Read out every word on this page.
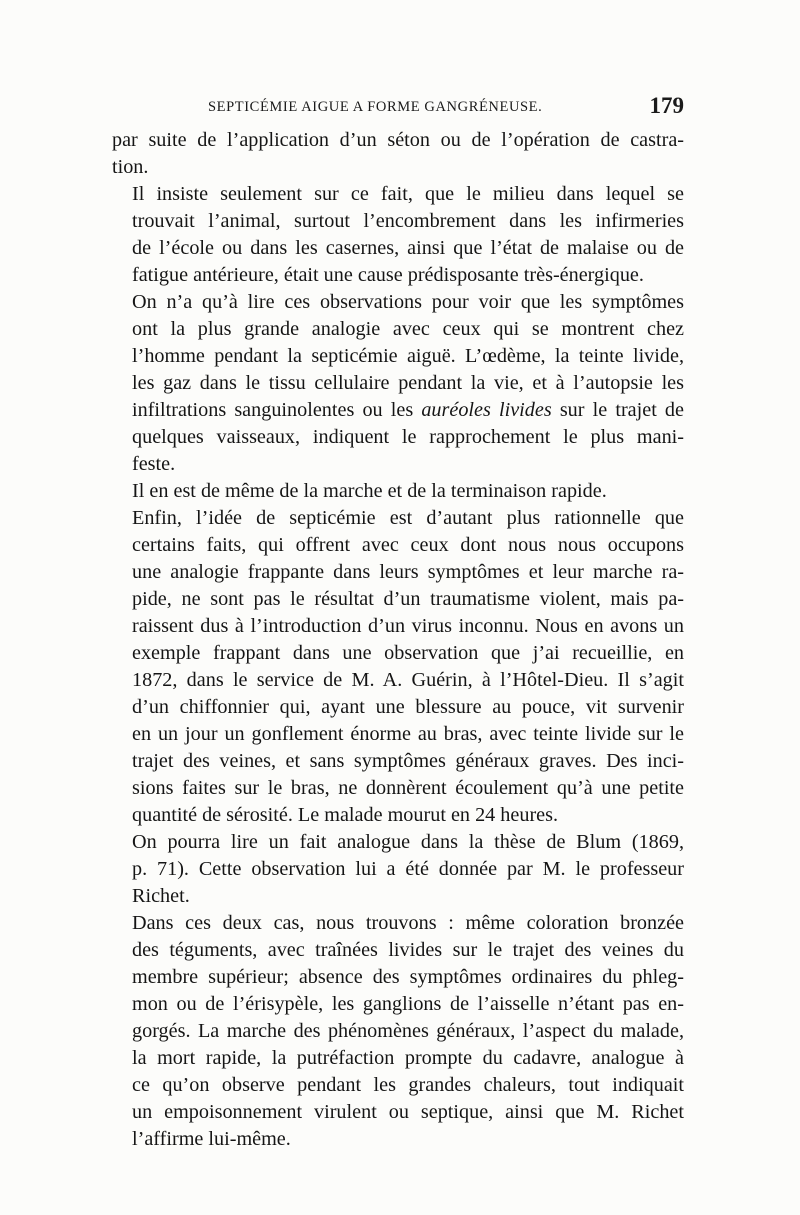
SEPTICÉMIE AIGUE A FORME GANGRÉNEUSE.	179

par suite de l’application d’un séton ou de l’opération de castra-
tion.

Il insiste seulement sur ce fait, que le milieu dans lequel se
trouvait l’animal, surtout l’encombrement dans les infirmeries
de l’école ou dans les casernes, ainsi que l’état de malaise ou de
fatigue antérieure, était une cause prédisposante très-énergique.

On n’a qu’à lire ces observations pour voir que les symptômes
ont la plus grande analogie avec ceux qui se montrent chez
l’homme pendant la septicémie aiguë. L’œdème, la teinte livide,
les gaz dans le tissu cellulaire pendant la vie, et à l’autopsie les
infiltrations sanguinolentes ou les auréoles livides sur le trajet de
quelques vaisseaux, indiquent le rapprochement le plus mani-
feste.

Il en est de même de la marche et de la terminaison rapide.

Enfin, l’idée de septicémie est d’autant plus rationnelle que
certains faits, qui offrent avec ceux dont nous nous occupons
une analogie frappante dans leurs symptômes et leur marche ra-
pide, ne sont pas le résultat d’un traumatisme violent, mais pa-
raissent dus à l’introduction d’un virus inconnu. Nous en avons un
exemple frappant dans une observation que j’ai recueillie, en
1872, dans le service de M. A. Guérin, à l’Hôtel-Dieu. Il s’agit
d’un chiffonnier qui, ayant une blessure au pouce, vit survenir
en un jour un gonflement énorme au bras, avec teinte livide sur le
trajet des veines, et sans symptômes généraux graves. Des inci-
sions faites sur le bras, ne donnèrent écoulement qu’à une petite
quantité de sérosité. Le malade mourut en 24 heures.

On pourra lire un fait analogue dans la thèse de Blum (1869,
p. 71). Cette observation lui a été donnée par M. le professeur
Richet.

Dans ces deux cas, nous trouvons : même coloration bronzée
des téguments, avec traînées livides sur le trajet des veines du
membre supérieur; absence des symptômes ordinaires du phleg-
mon ou de l’érisypèle, les ganglions de l’aisselle n’étant pas en-
gorgés. La marche des phénomènes généraux, l’aspect du malade,
la mort rapide, la putréfaction prompte du cadavre, analogue à
ce qu’on observe pendant les grandes chaleurs, tout indiquait
un empoisonnement virulent ou septique, ainsi que M. Richet
l’affirme lui-même.
